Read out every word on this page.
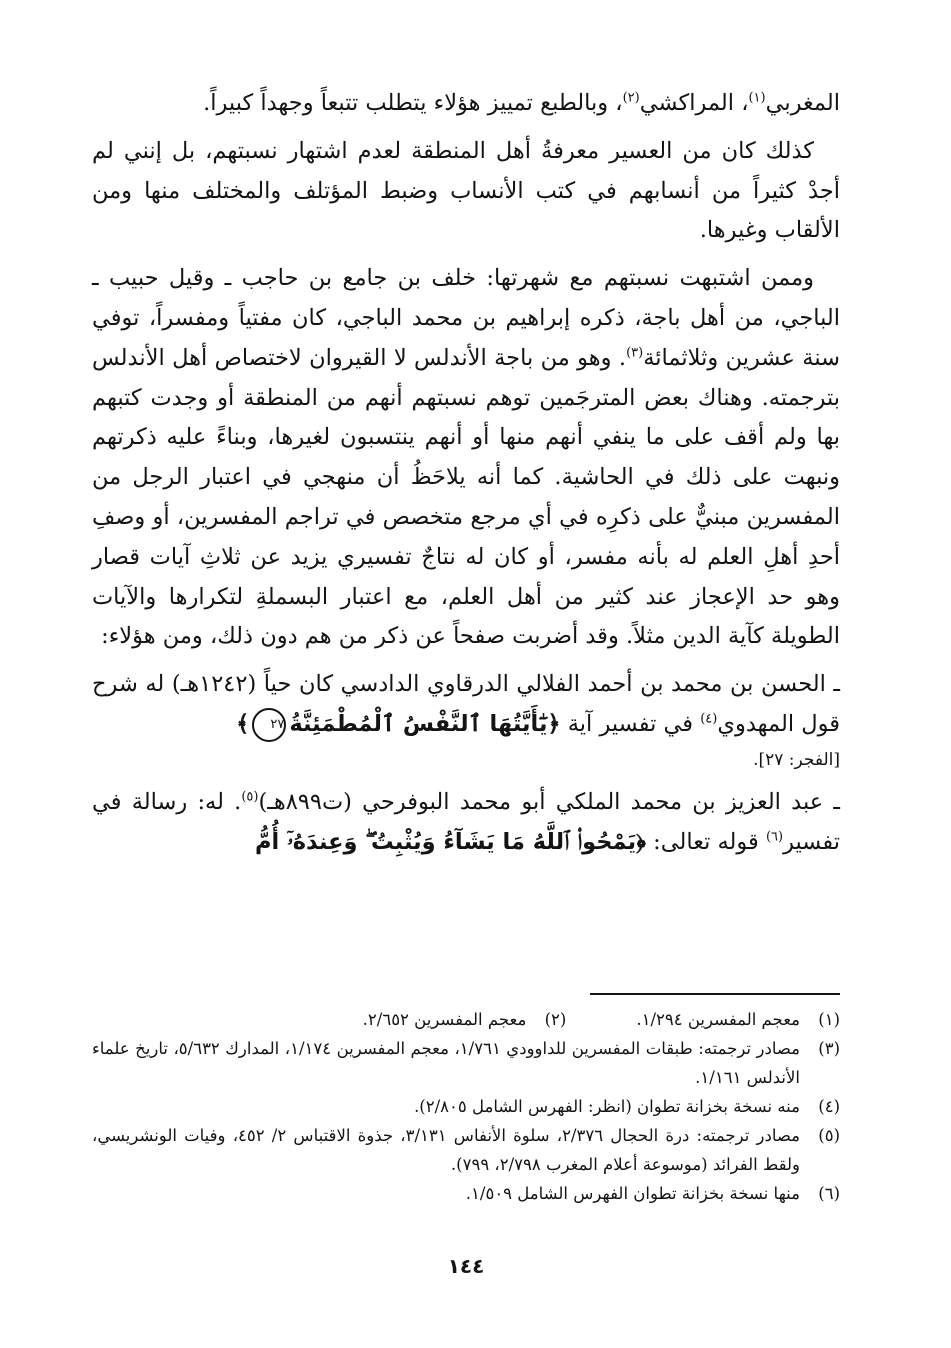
المغربي$^{(١)}$، المراكشي$^{(٢)}$، وبالطبع تمييز هؤلاء يتطلب تتبعاً وجهداً كبيراً.

كذلك كان من العسير معرفةُ أهل المنطقة لعدم اشتهار نسبتهم، بل إنني لم أجدْ كثيراً من أنسابهم في كتب الأنساب وضبط المؤتلف والمختلف منها ومن الألقاب وغيرها.

وممن اشتبهت نسبتهم مع شهرتها: خلف بن جامع بن حاجب ـ وقيل حبيب ـ الباجي، من أهل باجة، ذكره إبراهيم بن محمد الباجي، كان مفتياً ومفسراً، توفي سنة عشرين وثلاثمائة$^{(٣)}$. وهو من باجة الأندلس لا القيروان لاختصاص أهل الأندلس بترجمته. وهناك بعض المترجَمين توهم نسبتهم أنهم من المنطقة أو وجدت كتبهم بها ولم أقف على ما ينفي أنهم منها أو أنهم ينتسبون لغيرها، وبناءً عليه ذكرتهم ونبهت على ذلك في الحاشية. كما أنه يلاحَظُ أن منهجي في اعتبار الرجل من المفسرين مبنيٌّ على ذكرِه في أي مرجع متخصص في تراجم المفسرين، أو وصفِ أحدِ أهلِ العلم له بأنه مفسر، أو كان له نتاجٌ تفسيري يزيد عن ثلاثِ آيات قصار وهو حد الإعجاز عند كثير من أهل العلم، مع اعتبار البسملةِ لتكرارها والآيات الطويلة كآية الدين مثلاً. وقد أضربت صفحاً عن ذكر من هم دون ذلك، ومن هؤلاء:

ـ الحسن بن محمد بن أحمد الفلالي الدرقاوي الدادسي كان حياً (١٢٤٢هـ) له شرح قول المهدوي$^{(٤)}$ في تفسير آية ﴿يَٰٓأَيَّتُهَا ٱلنَّفْسُ ٱلْمُطْمَئِنَّةُ٢٧﴾

[الفجر: ٢٧].

ـ عبد العزيز بن محمد الملكي أبو محمد البوفرحي (ت٨٩٩هـ)$^{(٥)}$. له: رسالة في تفسير$^{(٦)}$ قوله تعالى: ﴿يَمْحُوا۟ ٱللَّهُ مَا يَشَآءُ وَيُثْبِتُ ۖ وَعِندَهُۥٓ أُمُّ

(١)
معجم المفسرين ١/٢٩٤.
(٢)
معجم المفسرين ٢/٦٥٢.
(٣)
مصادر ترجمته: طبقات المفسرين للداوودي ١/٧٦١، معجم المفسرين ١/١٧٤، المدارك ٥/٦٣٢، تاريخ علماء الأندلس ١/١٦١.
(٤)
منه نسخة بخزانة تطوان (انظر: الفهرس الشامل ٢/٨٠٥).
(٥)
مصادر ترجمته: درة الحجال ٢/٣٧٦، سلوة الأنفاس ٣/١٣١، جذوة الاقتباس ٢/ ٤٥٢، وفيات الونشريسي، ولقط الفرائد (موسوعة أعلام المغرب ٢/٧٩٨، ٧٩٩).
(٦)
منها نسخة بخزانة تطوان الفهرس الشامل ١/٥٠٩.
١٤٤
